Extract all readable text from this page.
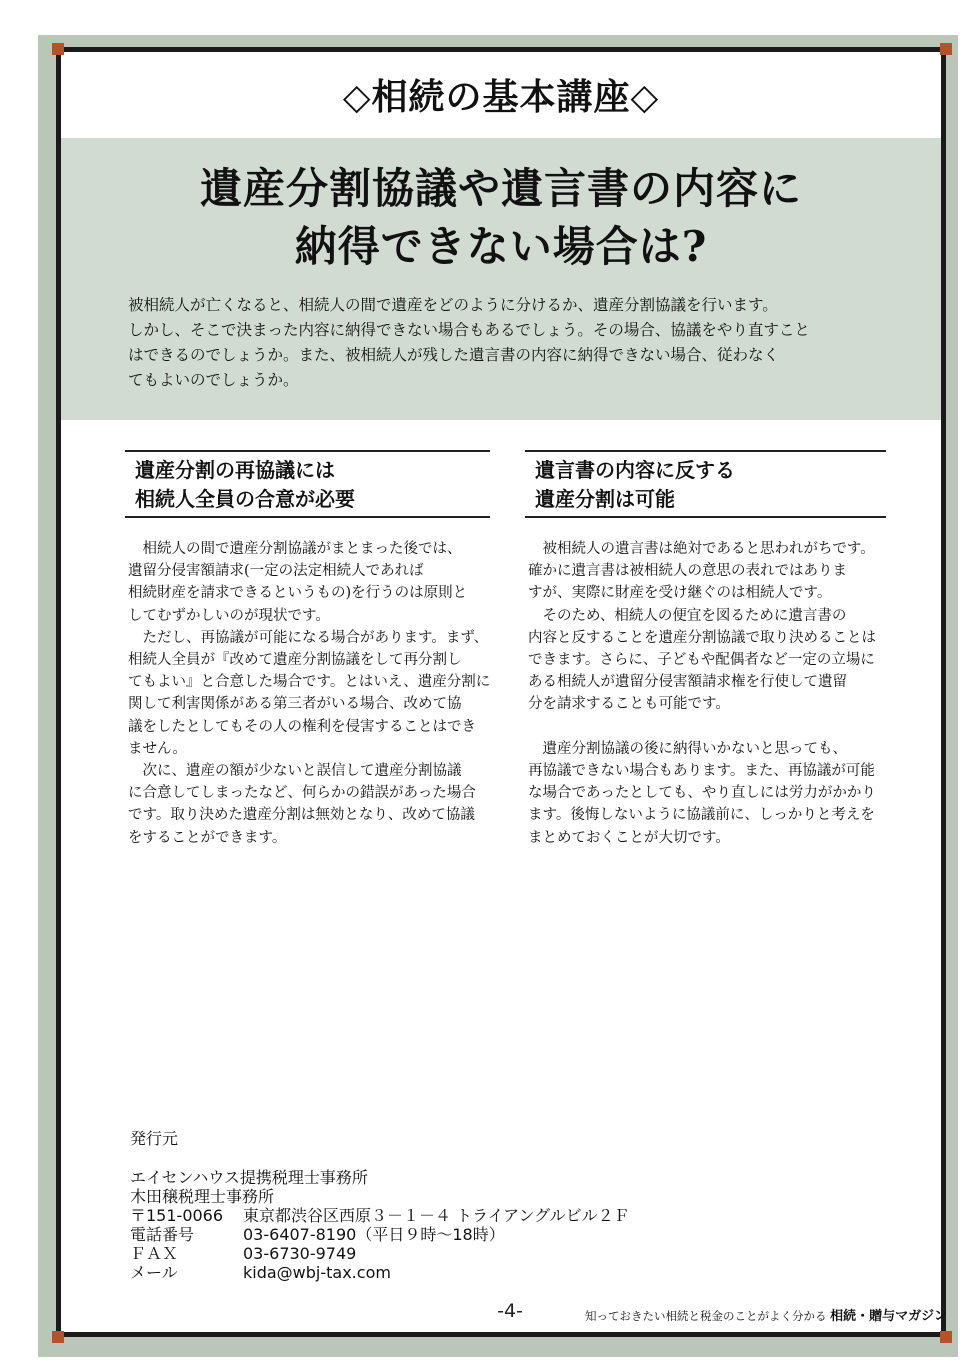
◇相続の基本講座◇
遺産分割協議や遺言書の内容に
納得できない場合は?

被相続人が亡くなると、相続人の間で遺産をどのように分けるか、遺産分割協議を行います。

しかし、そこで決まった内容に納得できない場合もあるでしょう。その場合、協議をやり直すこと

はできるのでしょうか。また、被相続人が残した遺言書の内容に納得できない場合、従わなく

てもよいのでしょうか。

遺産分割の再協議には
相続人全員の合意が必要
遺言書の内容に反する
遺産分割は可能

　相続人の間で遺産分割協議がまとまった後では、

遺留分侵害額請求(一定の法定相続人であれば

相続財産を請求できるというもの)を行うのは原則と

してむずかしいのが現状です。

　ただし、再協議が可能になる場合があります。まず、

相続人全員が『改めて遺産分割協議をして再分割し

てもよい』と合意した場合です。とはいえ、遺産分割に

関して利害関係がある第三者がいる場合、改めて協

議をしたとしてもその人の権利を侵害することはでき

ません。

　次に、遺産の額が少ないと誤信して遺産分割協議

に合意してしまったなど、何らかの錯誤があった場合

です。取り決めた遺産分割は無効となり、改めて協議

をすることができます。

　被相続人の遺言書は絶対であると思われがちです。

確かに遺言書は被相続人の意思の表れではありま

すが、実際に財産を受け継ぐのは相続人です。

　そのため、相続人の便宜を図るために遺言書の

内容と反することを遺産分割協議で取り決めることは

できます。さらに、子どもや配偶者など一定の立場に

ある相続人が遺留分侵害額請求権を行使して遺留

分を請求することも可能です。

　遺産分割協議の後に納得いかないと思っても、

再協議できない場合もあります。また、再協議が可能

な場合であったとしても、やり直しには労力がかかり

ます。後悔しないように協議前に、しっかりと考えを

まとめておくことが大切です。

発行元
エイセンハウス提携税理士事務所
木田穣税理士事務所
〒151-0066	東京都渋谷区西原３－１－４ トライアングルビル２Ｆ
電話番号	03-6407-8190（平日９時～18時）
ＦＡＸ	03-6730-9749
メール	kida@wbj-tax.com
-4-	知っておきたい相続と税金のことがよく分かる 相続・贈与マガジン
